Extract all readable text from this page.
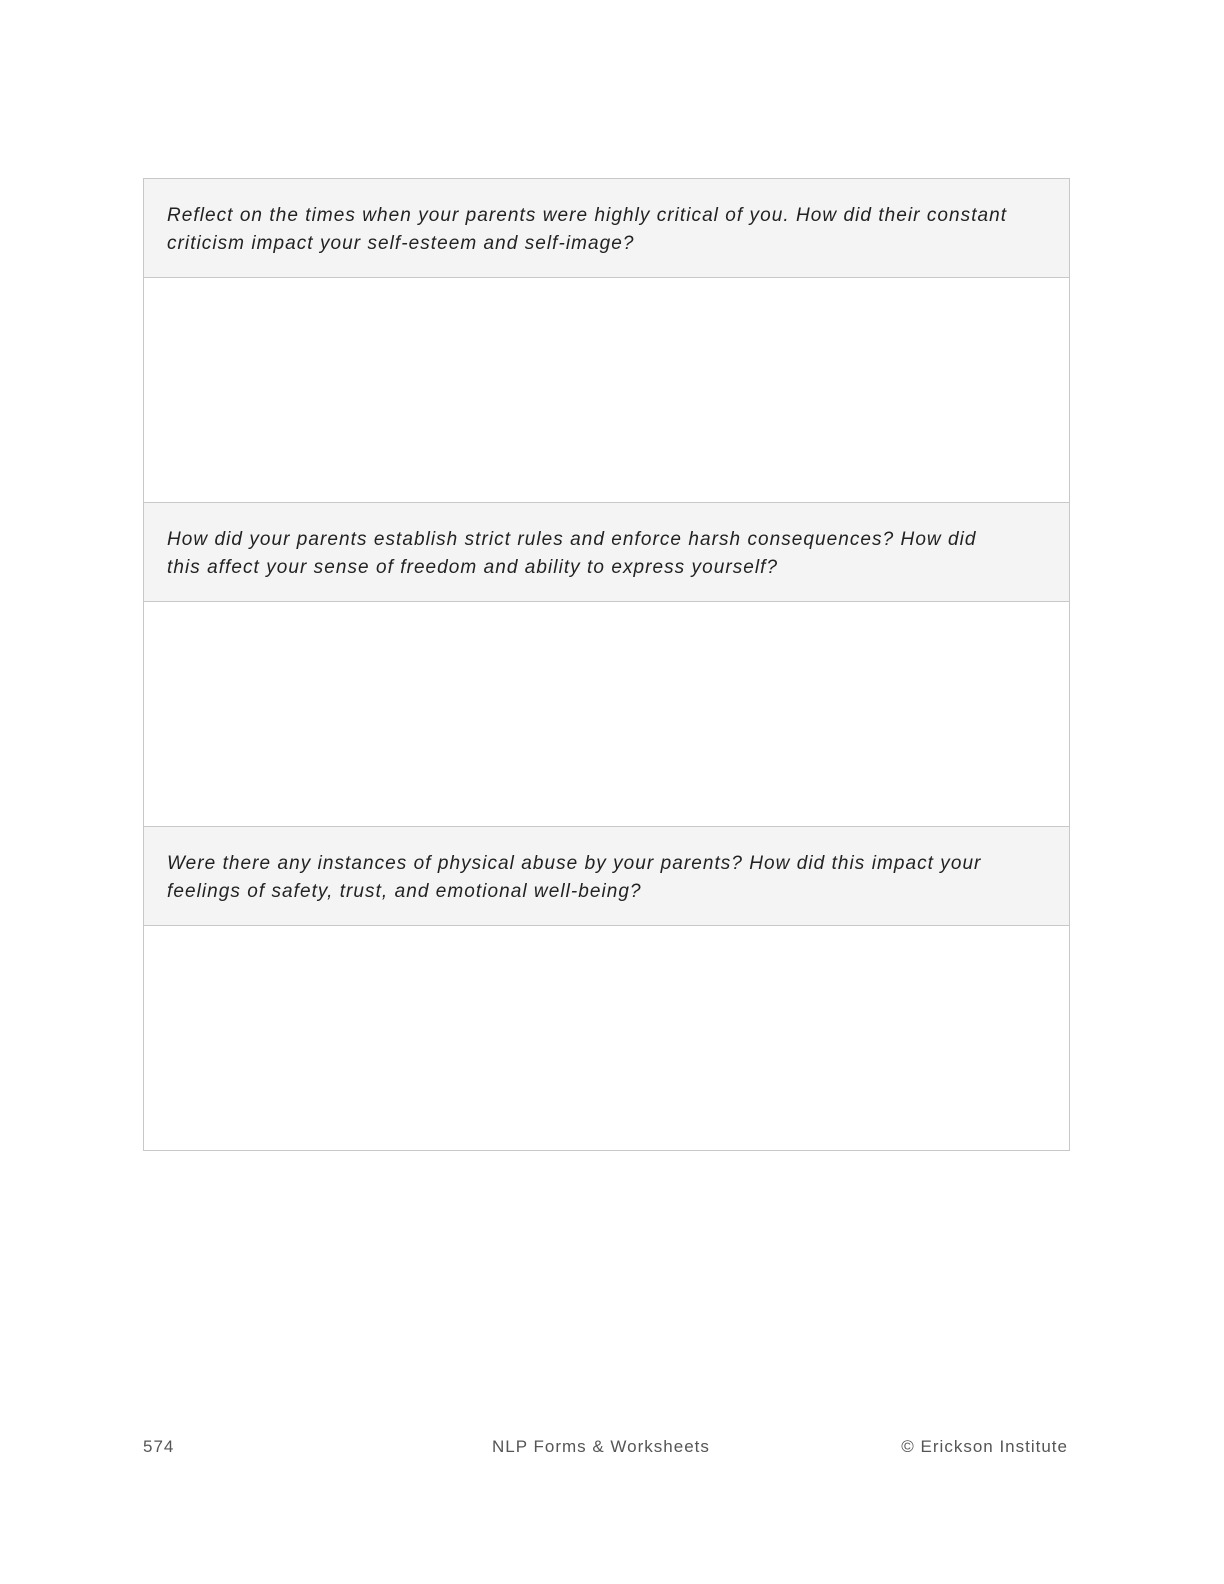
Reflect on the times when your parents were highly critical of you. How did their constant
criticism impact your self-esteem and self-image?
How did your parents establish strict rules and enforce harsh consequences? How did
this affect your sense of freedom and ability to express yourself?
Were there any instances of physical abuse by your parents? How did this impact your
feelings of safety, trust, and emotional well-being?
574	NLP Forms & Worksheets	© Erickson Institute
